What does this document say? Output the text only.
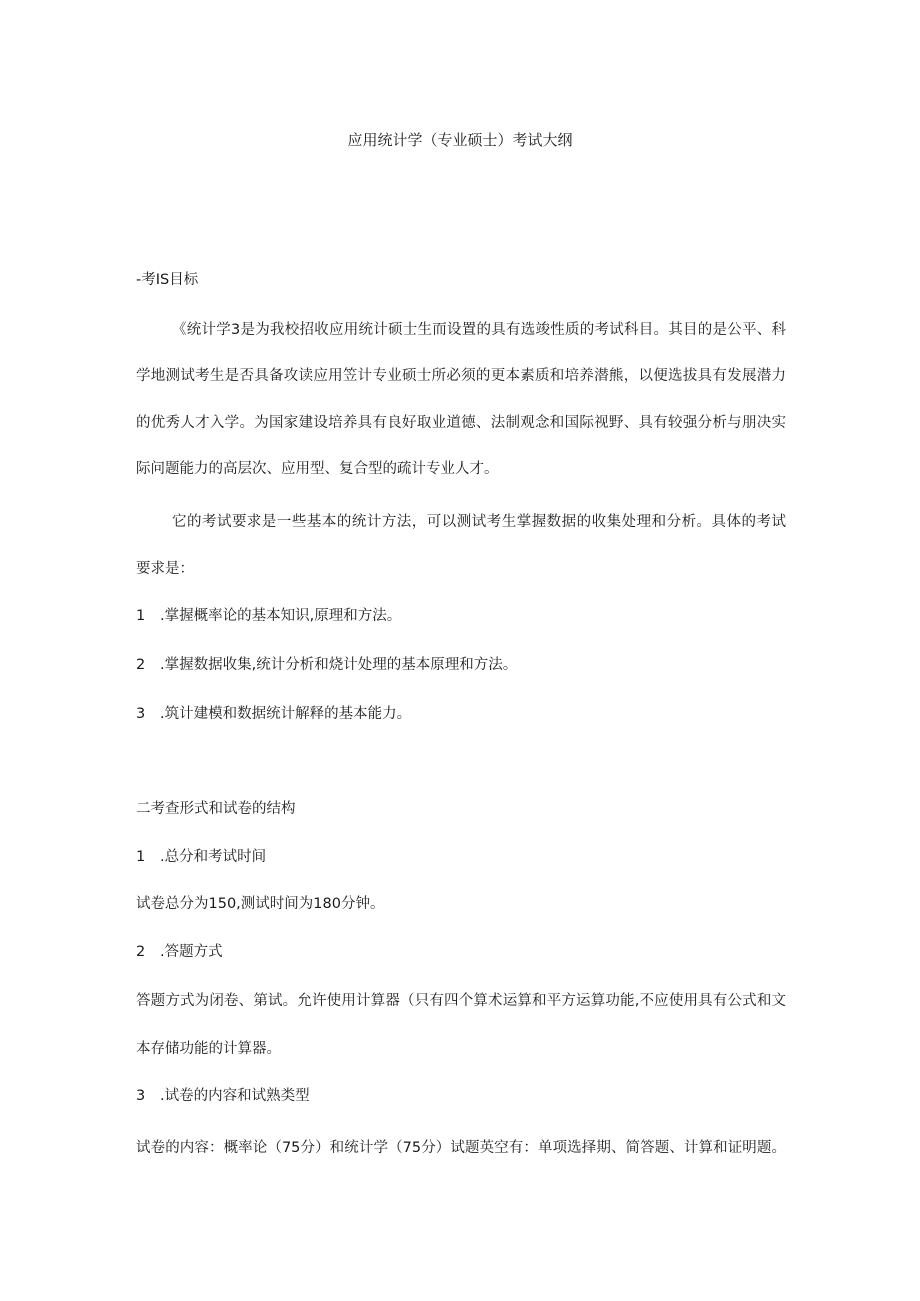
应用统计学（专业硕士）考试大纲
-考IS目标
《统计学3是为我校招收应用统计硕士生而设置的具有选竣性质的考试科目。其目的是公平、科
学地测试考生是否具备攻读应用笠计专业硕士所必须的更本素质和培养潜熊，以便选拔具有发展潜力
的优秀人才入学。为国家建设培养具有良好取业道德、法制观念和国际视野、具有较强分析与朋决实
际问题能力的高层次、应用型、复合型的疏计专业人才。
它的考试要求是一些基本的统计方法，可以测试考生掌握数据的收集处理和分析。具体的考试
要求是：
1 .掌握概率论的基本知识,原理和方法。
2 .掌握数据收集,统计分析和烧计处理的基本原理和方法。
3 .筑计建模和数据统计解释的基本能力。
二考查形式和试卷的结构
1 .总分和考试时间
试卷总分为150,测试时间为180分钟。
2 .答题方式
答题方式为闭卷、第试。允许使用计算器（只有四个算术运算和平方运算功能,不应使用具有公式和文
本存储功能的计算器。
3 .试卷的内容和试熟类型
试卷的内容：概率论（75分）和统计学（75分）试题英空有：单项选择期、简答题、计算和证明题。
